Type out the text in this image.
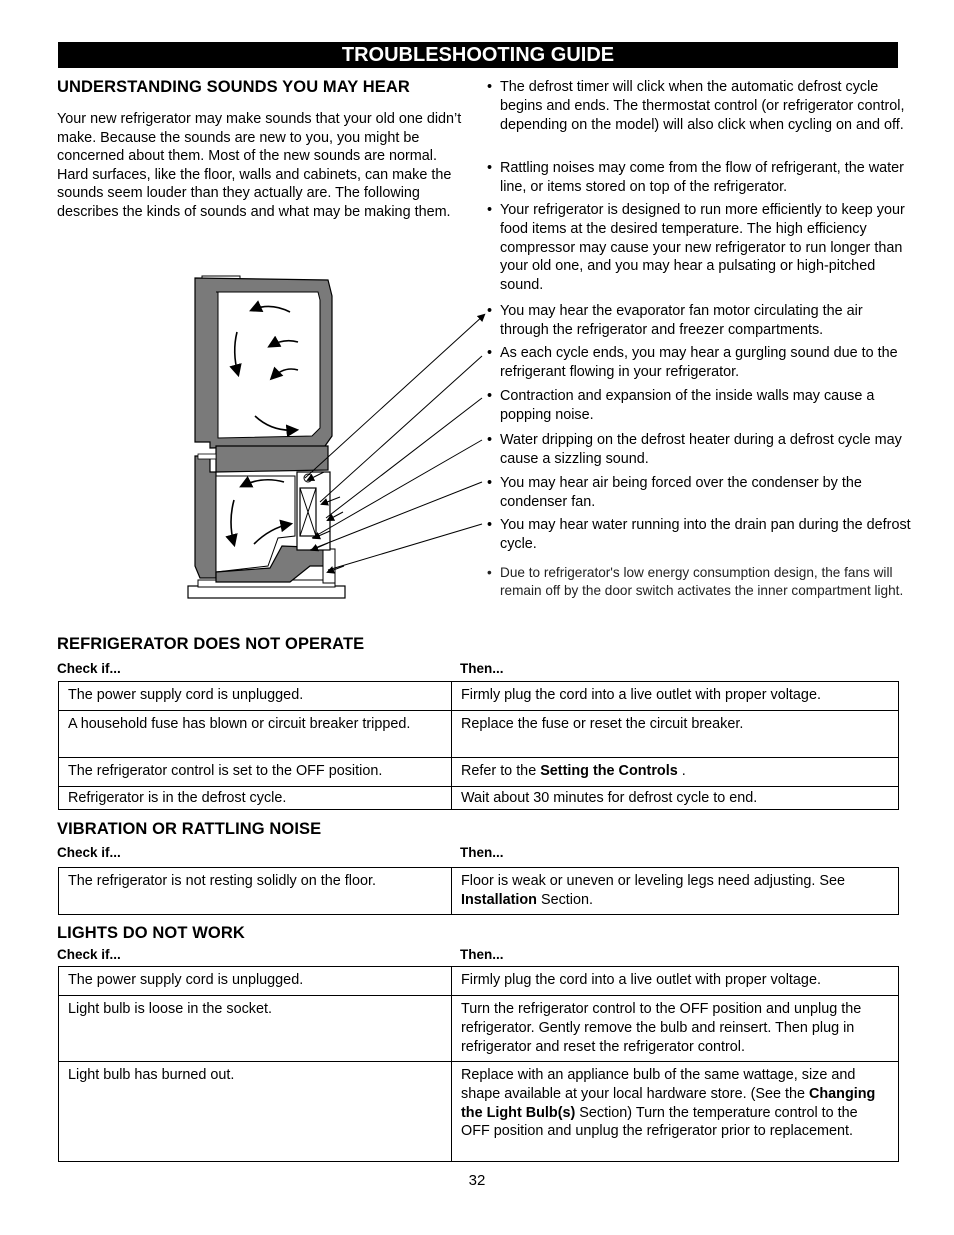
TROUBLESHOOTING GUIDE
UNDERSTANDING SOUNDS YOU MAY HEAR
Your new refrigerator may make sounds that your old one didn’t make. Because the sounds are new to you, you might be concerned about them. Most of the new sounds are normal. Hard surfaces, like the floor, walls and cabinets, can make the sounds seem louder than they actually are. The following describes the kinds of sounds and what may be making them.
• The defrost timer will click when the automatic defrost cycle begins and ends. The thermostat control (or refrigerator control, depending on the model) will also click when cycling on and off.
• Rattling noises may come from the flow of refrigerant, the water line, or items stored on top of the refrigerator.
• Your refrigerator is designed to run more efficiently to keep your food items at the desired temperature. The high efficiency compressor may cause your new refrigerator to run longer than your old one, and you may hear a pulsating or high-pitched sound.
• You may hear the evaporator fan motor circulating the air through the refrigerator and freezer compartments.
• As each cycle ends, you may hear a gurgling sound due to the refrigerant flowing in your refrigerator.
• Contraction and expansion of the inside walls may cause a popping noise.
• Water dripping on the defrost heater during a defrost cycle may cause a sizzling sound.
• You may hear air being forced over the condenser by the condenser fan.
• You may hear water running into the drain pan during the defrost cycle.
• Due to refrigerator's low energy consumption design, the fans will remain off by the door switch activates the inner compartment light.
REFRIGERATOR DOES NOT OPERATE
Check if...	Then...
The power supply cord is unplugged.	Firmly plug the cord into a live outlet with proper voltage.
A household fuse has blown or circuit breaker tripped.	Replace the fuse or reset the circuit breaker.
The refrigerator control is set to the OFF position.	Refer to the Setting the Controls .
Refrigerator is in the defrost cycle.	Wait about 30 minutes for defrost cycle to end.
VIBRATION OR RATTLING NOISE
Check if...	Then...
The refrigerator is not resting solidly on the floor.	Floor is weak or uneven or leveling legs need adjusting. See Installation Section.
LIGHTS DO NOT WORK
Check if...	Then...
The power supply cord is unplugged.	Firmly plug the cord into a live outlet with proper voltage.
Light bulb is loose in the socket.	Turn the refrigerator control to the OFF position and unplug the refrigerator. Gently remove the bulb and reinsert. Then plug in refrigerator and reset the refrigerator control.
Light bulb has burned out.	Replace with an appliance bulb of the same wattage, size and shape available at your local hardware store. (See the Changing the Light Bulb(s) Section) Turn the temperature control to the OFF position and unplug the refrigerator prior to replacement.
32
